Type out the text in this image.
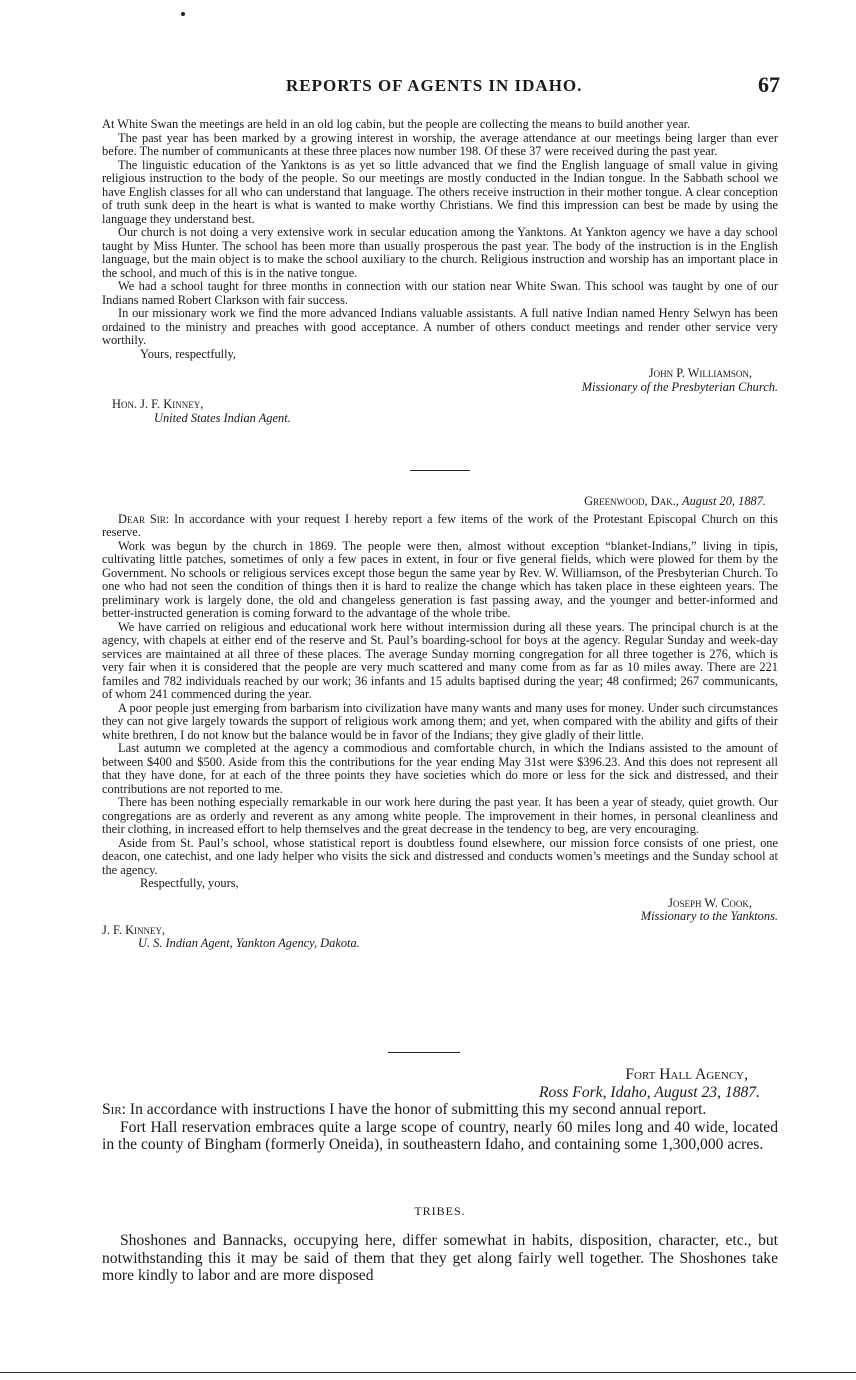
REPORTS OF AGENTS IN IDAHO.	67

At White Swan the meetings are held in an old log cabin, but the people are collecting the means to build another year.

The past year has been marked by a growing interest in worship, the average attendance at our meetings being larger than ever before. The number of communicants at these three places now number 198. Of these 37 were received during the past year.

The linguistic education of the Yanktons is as yet so little advanced that we find the English language of small value in giving religious instruction to the body of the people. So our meetings are mostly conducted in the Indian tongue. In the Sabbath school we have English classes for all who can understand that language. The others receive instruction in their mother tongue. A clear conception of truth sunk deep in the heart is what is wanted to make worthy Christians. We find this impression can best be made by using the language they understand best.

Our church is not doing a very extensive work in secular education among the Yanktons. At Yankton agency we have a day school taught by Miss Hunter. The school has been more than usually prosperous the past year. The body of the instruction is in the English language, but the main object is to make the school auxiliary to the church. Religious instruction and worship has an important place in the school, and much of this is in the native tongue.

We had a school taught for three months in connection with our station near White Swan. This school was taught by one of our Indians named Robert Clarkson with fair success.

In our missionary work we find the more advanced Indians valuable assistants. A full native Indian named Henry Selwyn has been ordained to the ministry and preaches with good acceptance. A number of others conduct meetings and render other service very worthily.

Yours, respectfully,

John P. Williamson,
Missionary of the Presbyterian Church.
Hon. J. F. Kinney,
United States Indian Agent.
Greenwood, Dak., August 20, 1887.

Dear Sir: In accordance with your request I hereby report a few items of the work of the Protestant Episcopal Church on this reserve.

Work was begun by the church in 1869. The people were then, almost without exception “blanket-Indians,” living in tipis, cultivating little patches, sometimes of only a few paces in extent, in four or five general fields, which were plowed for them by the Government. No schools or religious services except those begun the same year by Rev. W. Williamson, of the Presbyterian Church. To one who had not seen the condition of things then it is hard to realize the change which has taken place in these eighteen years. The preliminary work is largely done, the old and changeless generation is fast passing away, and the younger and better-informed and better-instructed generation is coming forward to the advantage of the whole tribe.

We have carried on religious and educational work here without intermission during all these years. The principal church is at the agency, with chapels at either end of the reserve and St. Paul’s boarding-school for boys at the agency. Regular Sunday and week-day services are maintained at all three of these places. The average Sunday morning congregation for all three together is 276, which is very fair when it is considered that the people are very much scattered and many come from as far as 10 miles away. There are 221 familes and 782 individuals reached by our work; 36 infants and 15 adults baptised during the year; 48 confirmed; 267 communicants, of whom 241 commenced during the year.

A poor people just emerging from barbarism into civilization have many wants and many uses for money. Under such circumstances they can not give largely towards the support of religious work among them; and yet, when compared with the ability and gifts of their white brethren, I do not know but the balance would be in favor of the Indians; they give gladly of their little.

Last autumn we completed at the agency a commodious and comfortable church, in which the Indians assisted to the amount of between $400 and $500. Aside from this the contributions for the year ending May 31st were $396.23. And this does not represent all that they have done, for at each of the three points they have societies which do more or less for the sick and distressed, and their contributions are not reported to me.

There has been nothing especially remarkable in our work here during the past year. It has been a year of steady, quiet growth. Our congregations are as orderly and reverent as any among white people. The improvement in their homes, in personal cleanliness and their clothing, in increased effort to help themselves and the great decrease in the tendency to beg, are very encouraging.

Aside from St. Paul’s school, whose statistical report is doubtless found elsewhere, our mission force consists of one priest, one deacon, one catechist, and one lady helper who visits the sick and distressed and conducts women’s meetings and the Sunday school at the agency.

Respectfully, yours,

Joseph W. Cook,
Missionary to the Yanktons.
J. F. Kinney,
U. S. Indian Agent, Yankton Agency, Dakota.
Fort Hall Agency,
Ross Fork, Idaho, August 23, 1887.

Sir: In accordance with instructions I have the honor of submitting this my second annual report.

Fort Hall reservation embraces quite a large scope of country, nearly 60 miles long and 40 wide, located in the county of Bingham (formerly Oneida), in southeastern Idaho, and containing some 1,300,000 acres.

TRIBES.

Shoshones and Bannacks, occupying here, differ somewhat in habits, disposition, character, etc., but notwithstanding this it may be said of them that they get along fairly well together. The Shoshones take more kindly to labor and are more disposed
